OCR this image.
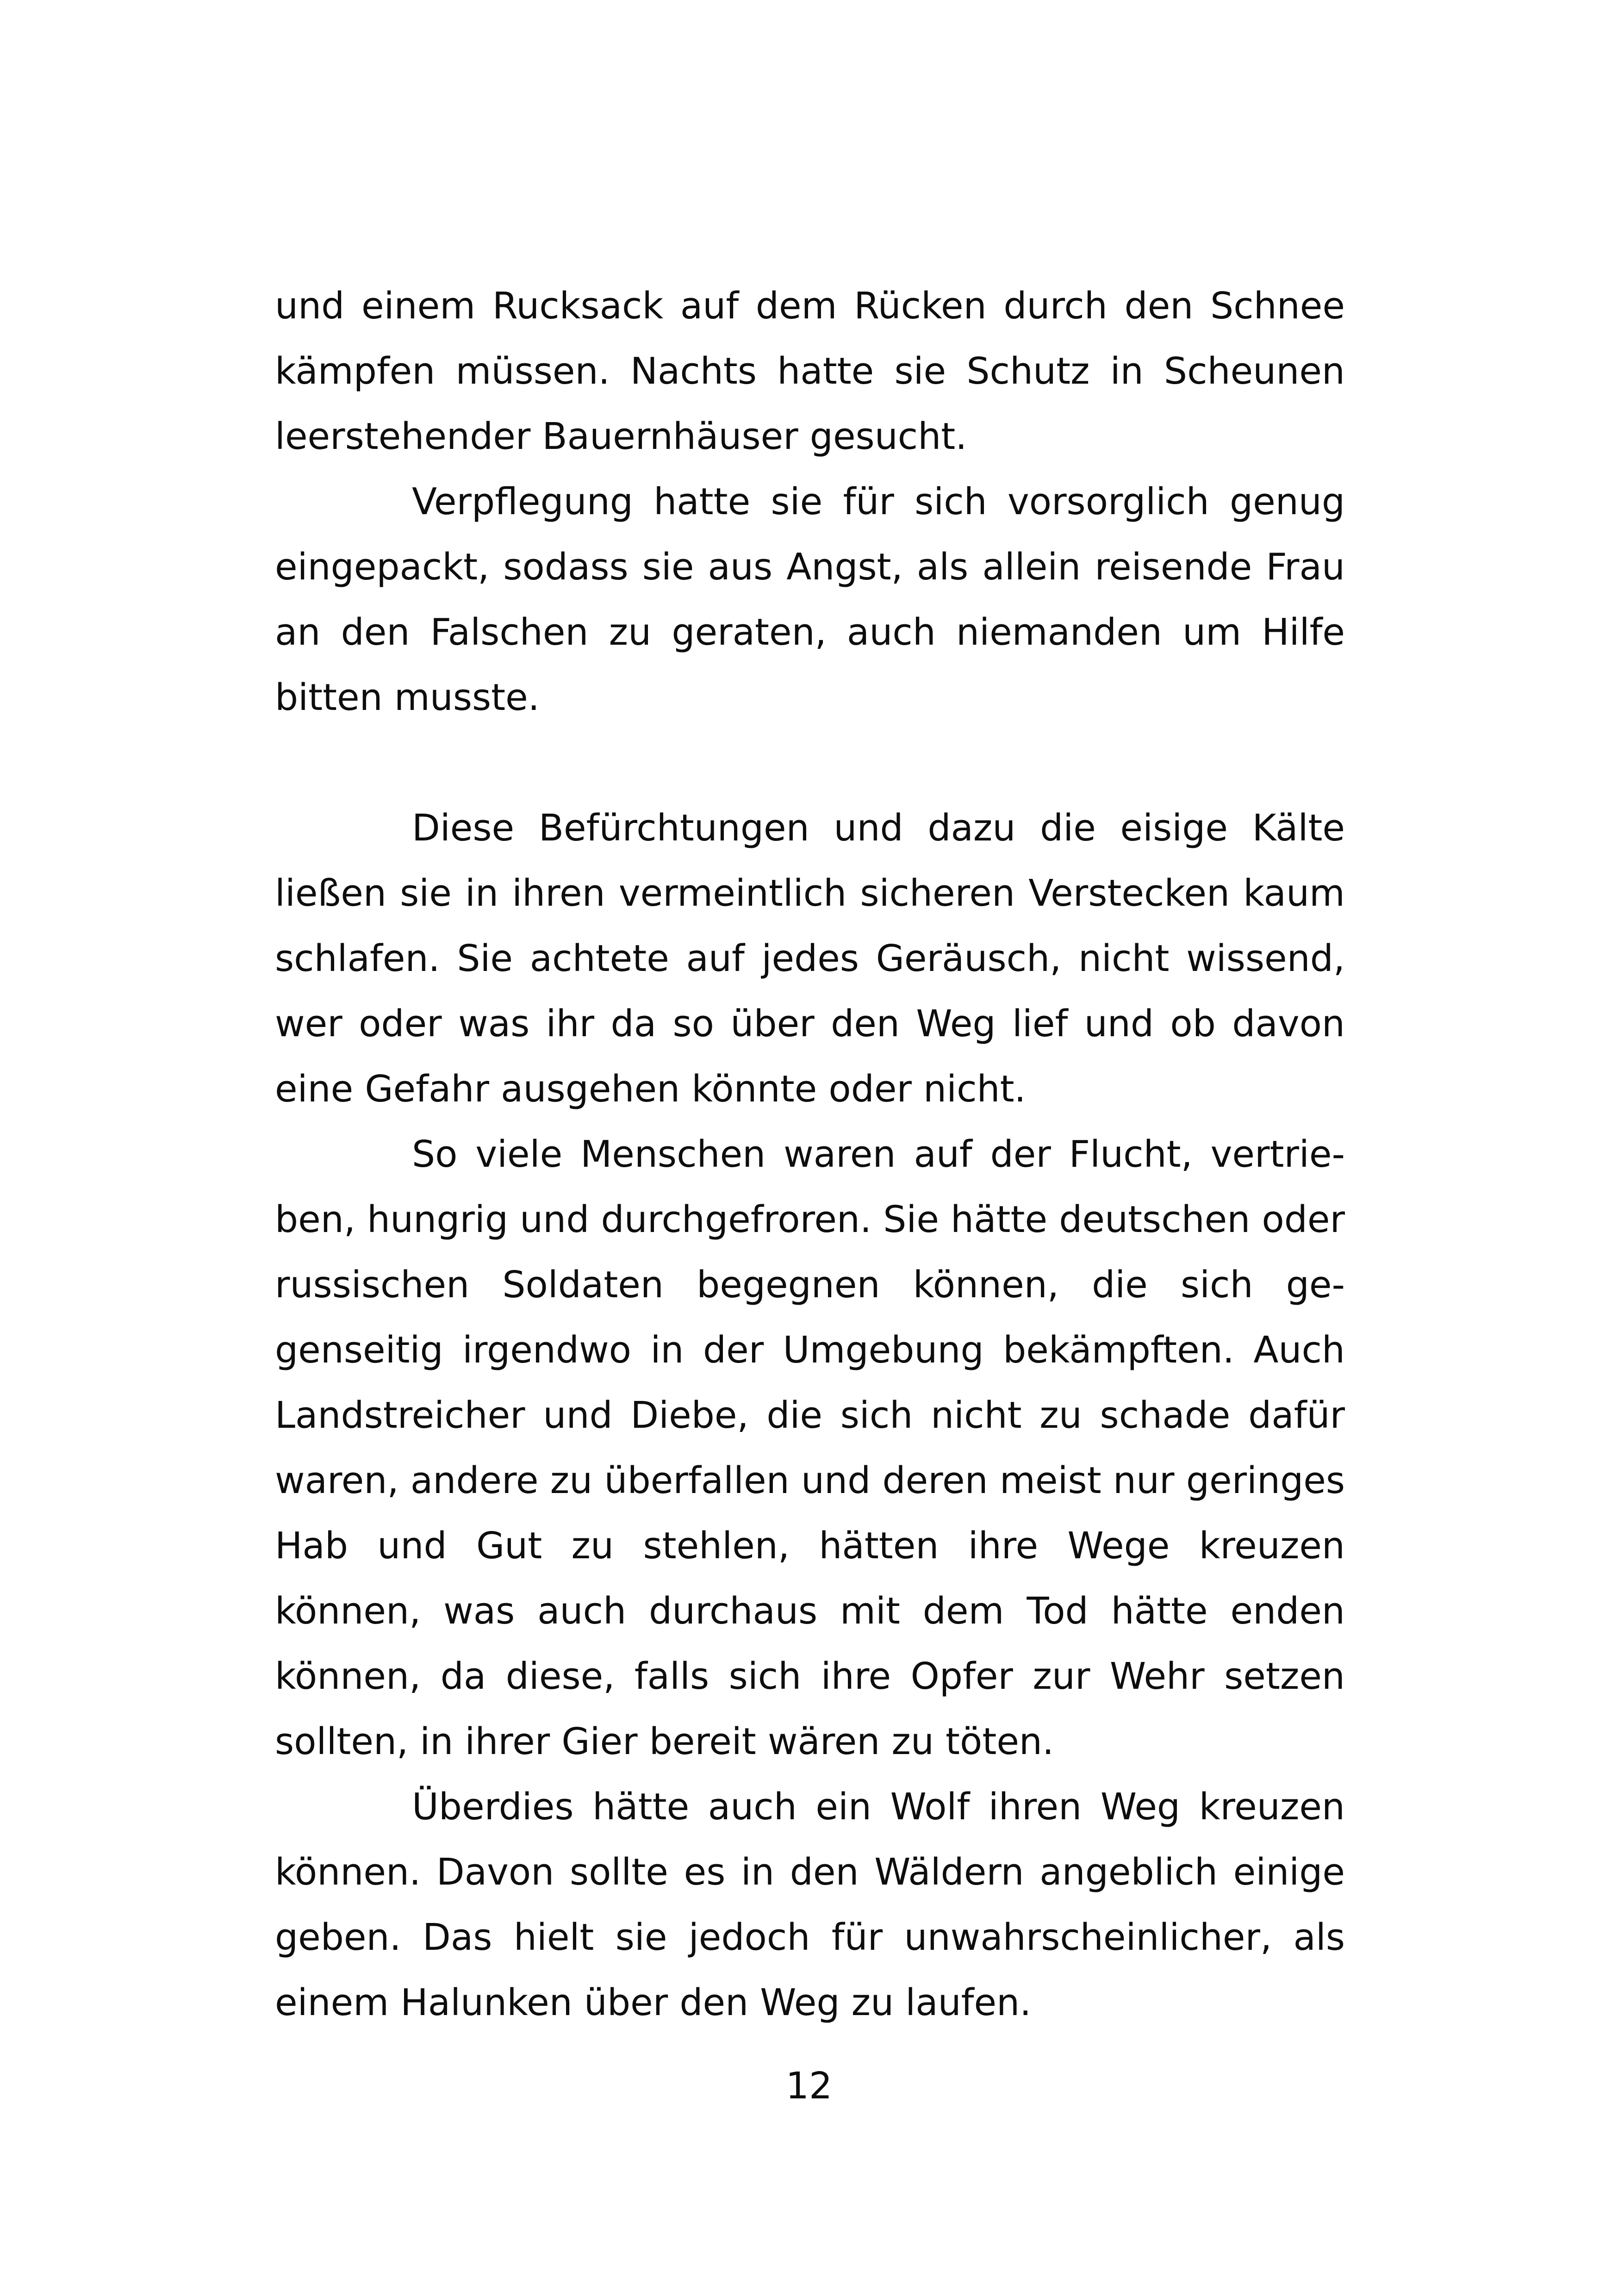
und einem Rucksack auf dem Rücken durch den Schnee kämpfen müssen. Nachts hatte sie Schutz in Scheunen leerstehender Bauernhäuser gesucht.

Verpflegung hatte sie für sich vorsorglich genug eingepackt, sodass sie aus Angst, als allein reisende Frau an den Falschen zu geraten, auch niemanden um Hilfe bitten musste.

Diese Befürchtungen und dazu die eisige Kälte ließen sie in ihren vermeintlich sicheren Verstecken kaum schlafen. Sie achtete auf jedes Geräusch, nicht wissend, wer oder was ihr da so über den Weg lief und ob davon eine Gefahr ausgehen könnte oder nicht.

So viele Menschen waren auf der Flucht, vertrieben, hungrig und durchgefroren. Sie hätte deutschen oder russischen Soldaten begegnen können, die sich gegenseitig irgendwo in der Umgebung bekämpften. Auch Landstreicher und Diebe, die sich nicht zu schade dafür waren, andere zu überfallen und deren meist nur geringes Hab und Gut zu stehlen, hätten ihre Wege kreuzen können, was auch durchaus mit dem Tod hätte enden können, da diese, falls sich ihre Opfer zur Wehr setzen sollten, in ihrer Gier bereit wären zu töten.

Überdies hätte auch ein Wolf ihren Weg kreuzen können. Davon sollte es in den Wäldern angeblich einige geben. Das hielt sie jedoch für unwahrscheinlicher, als einem Halunken über den Weg zu laufen.

12
